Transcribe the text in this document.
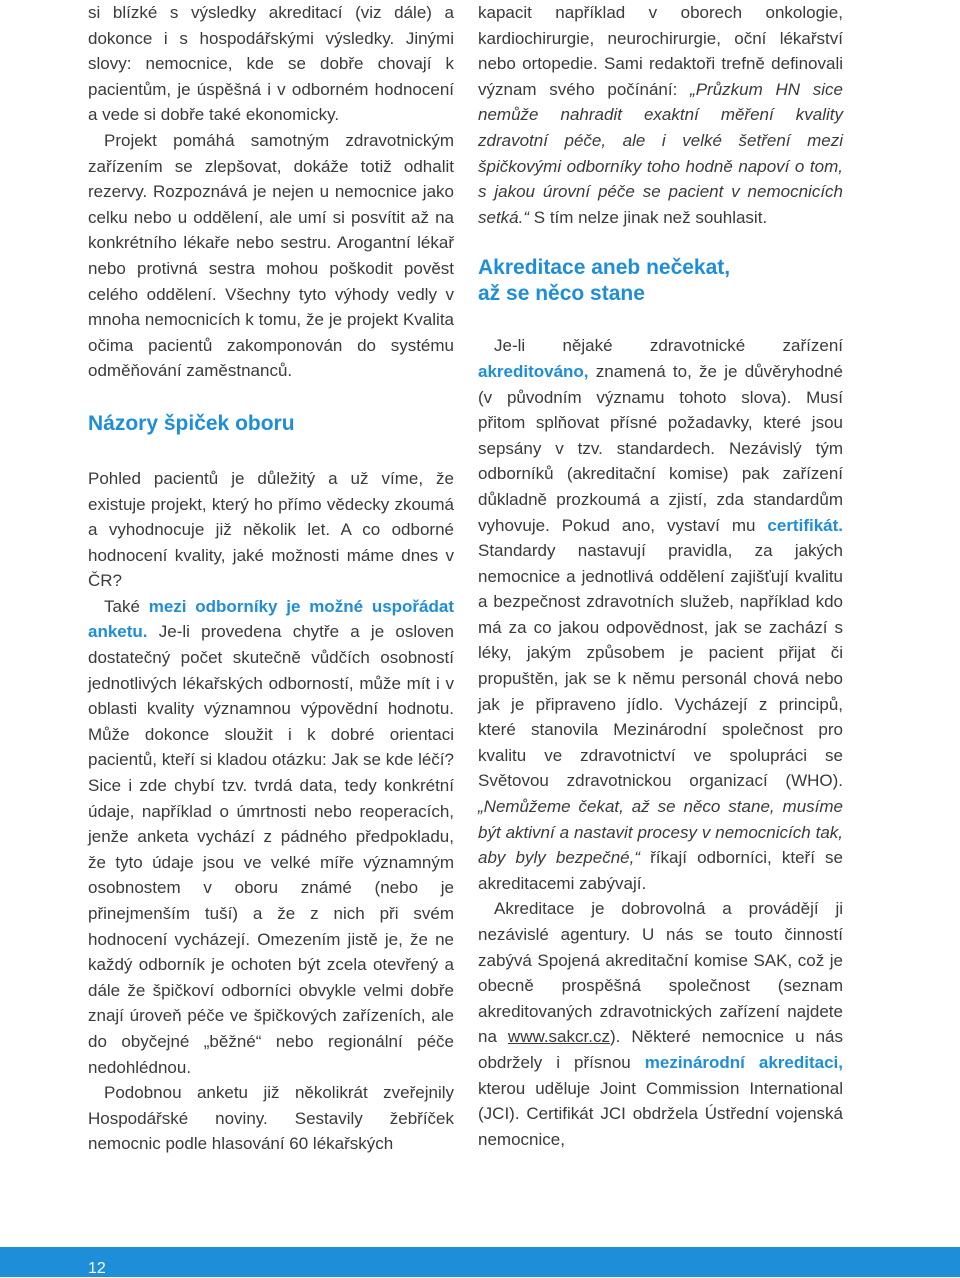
si blízké s výsledky akreditací (viz dále) a dokonce i s hospodářskými výsledky. Jinými slovy: nemocnice, kde se dobře chovají k pacientům, je úspěšná i v odborném hodnocení a vede si dobře také ekonomicky.

Projekt pomáhá samotným zdravotnickým zařízením se zlepšovat, dokáže totiž odhalit rezervy. Rozpoznává je nejen u nemocnice jako celku nebo u oddělení, ale umí si posvítit až na konkrétního lékaře nebo sestru. Arogantní lékař nebo protivná sestra mohou poškodit pověst celého oddělení. Všechny tyto výhody vedly v mnoha nemocnicích k tomu, že je projekt Kvalita očima pacientů zakomponován do systému odměňování zaměstnanců.

Názory špiček oboru

Pohled pacientů je důležitý a už víme, že existuje projekt, který ho přímo vědecky zkoumá a vyhodnocuje již několik let. A co odborné hodnocení kvality, jaké možnosti máme dnes v ČR?

Také mezi odborníky je možné uspořádat anketu. Je-li provedena chytře a je osloven dostatečný počet skutečně vůdčích osobností jednotlivých lékařských odborností, může mít i v oblasti kvality významnou výpovědní hodnotu. Může dokonce sloužit i k dobré orientaci pacientů, kteří si kladou otázku: Jak se kde léčí? Sice i zde chybí tzv. tvrdá data, tedy konkrétní údaje, například o úmrtnosti nebo reoperacích, jenže anketa vychází z pádného předpokladu, že tyto údaje jsou ve velké míře významným osobnostem v oboru známé (nebo je přinejmenším tuší) a že z nich při svém hodnocení vycházejí. Omezením jistě je, že ne každý odborník je ochoten být zcela otevřený a dále že špičkoví odborníci obvykle velmi dobře znají úroveň péče ve špičkových zařízeních, ale do obyčejné „běžné“ nebo regionální péče nedohlédnou.

Podobnou anketu již několikrát zveřejnily Hospodářské noviny. Sestavily žebříček nemocnic podle hlasování 60 lékařských

kapacit například v oborech onkologie, kardiochirurgie, neurochirurgie, oční lékařství nebo ortopedie. Sami redaktoři trefně definovali význam svého počínání: „Průzkum HN sice nemůže nahradit exaktní měření kvality zdravotní péče, ale i velké šetření mezi špičkovými odborníky toho hodně napoví o tom, s jakou úrovní péče se pacient v nemocnicích setká.“ S tím nelze jinak než souhlasit.

Akreditace aneb nečekat,
až se něco stane

Je-li nějaké zdravotnické zařízení akreditováno, znamená to, že je důvěryhodné (v původním významu tohoto slova). Musí přitom splňovat přísné požadavky, které jsou sepsány v tzv. standardech. Nezávislý tým odborníků (akreditační komise) pak zařízení důkladně prozkoumá a zjistí, zda standardům vyhovuje. Pokud ano, vystaví mu certifikát. Standardy nastavují pravidla, za jakých nemocnice a jednotlivá oddělení zajišťují kvalitu a bezpečnost zdravotních služeb, například kdo má za co jakou odpovědnost, jak se zachází s léky, jakým způsobem je pacient přijat či propuštěn, jak se k němu personál chová nebo jak je připraveno jídlo. Vycházejí z principů, které stanovila Mezinárodní společnost pro kvalitu ve zdravotnictví ve spolupráci se Světovou zdravotnickou organizací (WHO). „Nemůžeme čekat, až se něco stane, musíme být aktivní a nastavit procesy v nemocnicích tak, aby byly bezpečné,“ říkají odborníci, kteří se akreditacemi zabývají.

Akreditace je dobrovolná a provádějí ji nezávislé agentury. U nás se touto činností zabývá Spojená akreditační komise SAK, což je obecně prospěšná společnost (seznam akreditovaných zdravotnických zařízení najdete na www.sakcr.cz). Některé nemocnice u nás obdržely i přísnou mezinárodní akreditaci, kterou uděluje Joint Commission International (JCI). Certifikát JCI obdržela Ústřední vojenská nemocnice,

12
